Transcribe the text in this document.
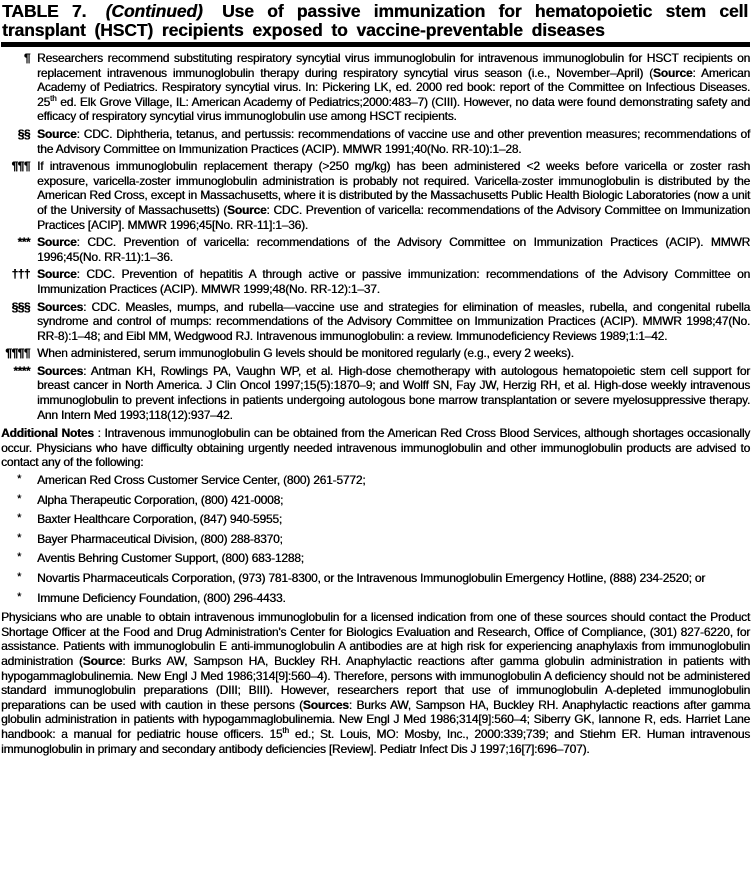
TABLE 7. (Continued) Use of passive immunization for hematopoietic stem cell transplant (HSCT) recipients exposed to vaccine-preventable diseases
¶ Researchers recommend substituting respiratory syncytial virus immunoglobulin for intravenous immunoglobulin for HSCT recipients on replacement intravenous immunoglobulin therapy during respiratory syncytial virus season (i.e., November–April) (Source: American Academy of Pediatrics. Respiratory syncytial virus. In: Pickering LK, ed. 2000 red book: report of the Committee on Infectious Diseases. 25th ed. Elk Grove Village, IL: American Academy of Pediatrics;2000:483–7) (CIII). However, no data were found demonstrating safety and efficacy of respiratory syncytial virus immunoglobulin use among HSCT recipients.
§§ Source: CDC. Diphtheria, tetanus, and pertussis: recommendations of vaccine use and other prevention measures; recommendations of the Advisory Committee on Immunization Practices (ACIP). MMWR 1991;40(No. RR-10):1–28.
¶¶¶ If intravenous immunoglobulin replacement therapy (>250 mg/kg) has been administered <2 weeks before varicella or zoster rash exposure, varicella-zoster immunoglobulin administration is probably not required. Varicella-zoster immunoglobulin is distributed by the American Red Cross, except in Massachusetts, where it is distributed by the Massachusetts Public Health Biologic Laboratories (now a unit of the University of Massachusetts) (Source: CDC. Prevention of varicella: recommendations of the Advisory Committee on Immunization Practices [ACIP]. MMWR 1996;45[No. RR-11]:1–36).
*** Source: CDC. Prevention of varicella: recommendations of the Advisory Committee on Immunization Practices (ACIP). MMWR 1996;45(No. RR-11):1–36.
††† Source: CDC. Prevention of hepatitis A through active or passive immunization: recommendations of the Advisory Committee on Immunization Practices (ACIP). MMWR 1999;48(No. RR-12):1–37.
§§§ Sources: CDC. Measles, mumps, and rubella—vaccine use and strategies for elimination of measles, rubella, and congenital rubella syndrome and control of mumps: recommendations of the Advisory Committee on Immunization Practices (ACIP). MMWR 1998;47(No. RR-8):1–48; and Eibl MM, Wedgwood RJ. Intravenous immunoglobulin: a review. Immunodeficiency Reviews 1989;1:1–42.
¶¶¶¶ When administered, serum immunoglobulin G levels should be monitored regularly (e.g., every 2 weeks).
**** Sources: Antman KH, Rowlings PA, Vaughn WP, et al. High-dose chemotherapy with autologous hematopoietic stem cell support for breast cancer in North America. J Clin Oncol 1997;15(5):1870–9; and Wolff SN, Fay JW, Herzig RH, et al. High-dose weekly intravenous immunoglobulin to prevent infections in patients undergoing autologous bone marrow transplantation or severe myelosuppressive therapy. Ann Intern Med 1993;118(12):937–42.

Additional Notes : Intravenous immunoglobulin can be obtained from the American Red Cross Blood Services, although shortages occasionally occur. Physicians who have difficulty obtaining urgently needed intravenous immunoglobulin and other immunoglobulin products are advised to contact any of the following:

* American Red Cross Customer Service Center, (800) 261-5772;
* Alpha Therapeutic Corporation, (800) 421-0008;
* Baxter Healthcare Corporation, (847) 940-5955;
* Bayer Pharmaceutical Division, (800) 288-8370;
* Aventis Behring Customer Support, (800) 683-1288;
* Novartis Pharmaceuticals Corporation, (973) 781-8300, or the Intravenous Immunoglobulin Emergency Hotline, (888) 234-2520; or
* Immune Deficiency Foundation, (800) 296-4433.

Physicians who are unable to obtain intravenous immunoglobulin for a licensed indication from one of these sources should contact the Product Shortage Officer at the Food and Drug Administration's Center for Biologics Evaluation and Research, Office of Compliance, (301) 827-6220, for assistance. Patients with immunoglobulin E anti-immunoglobulin A antibodies are at high risk for experiencing anaphylaxis from immunoglobulin administration (Source: Burks AW, Sampson HA, Buckley RH. Anaphylactic reactions after gamma globulin administration in patients with hypogammaglobulinemia. New Engl J Med 1986;314[9]:560–4). Therefore, persons with immunoglobulin A deficiency should not be administered standard immunoglobulin preparations (DIII; BIII). However, researchers report that use of immunoglobulin A-depleted immunoglobulin preparations can be used with caution in these persons (Sources: Burks AW, Sampson HA, Buckley RH. Anaphylactic reactions after gamma globulin administration in patients with hypogammaglobulinemia. New Engl J Med 1986;314[9]:560–4; Siberry GK, Iannone R, eds. Harriet Lane handbook: a manual for pediatric house officers. 15th ed.; St. Louis, MO: Mosby, Inc., 2000:339;739; and Stiehm ER. Human intravenous immunoglobulin in primary and secondary antibody deficiencies [Review]. Pediatr Infect Dis J 1997;16[7]:696–707).
